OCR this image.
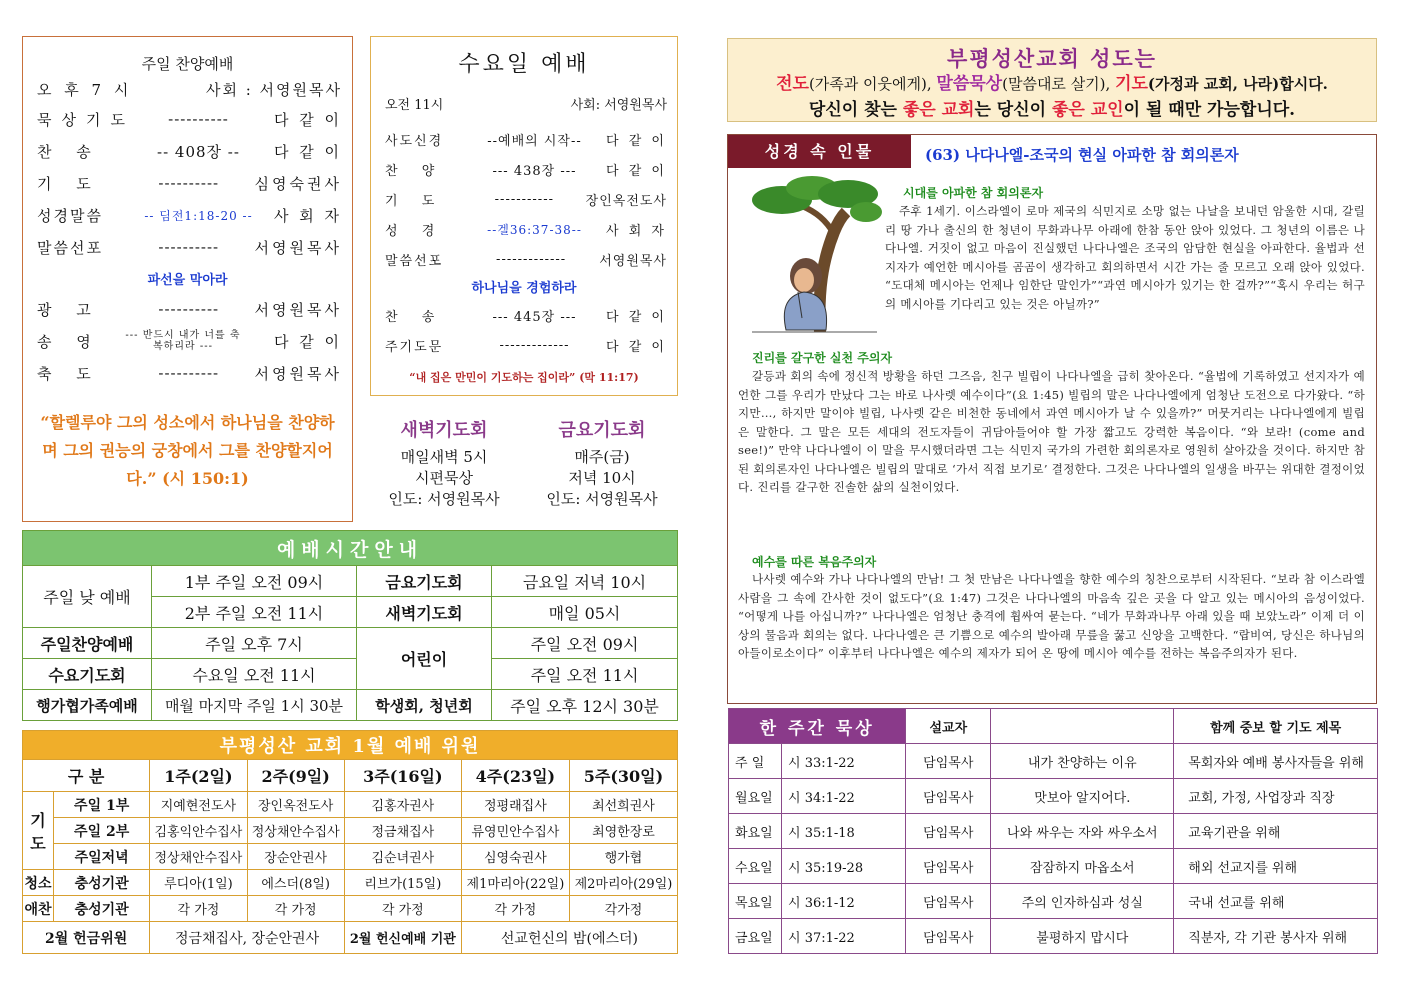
주일 찬양예배
오 후 7 시	사회 : 서영원목사
묵상기도	----------	다 같 이
찬 송	-- 408장 --	다 같 이
기 도	----------	심영숙권사
성경말씀	-- 딤전1:18-20 --	사 회 자
말씀선포	----------	서영원목사
파선을 막아라
광 고	----------	서영원목사
송 영	--- 반드시 내가 너를 축복하리라 ---	다 같 이
축 도	----------	서영원목사
“할렐루야 그의 성소에서 하나님을 찬양하며 그의 권능의 궁창에서 그를 찬양할지어다.” (시 150:1)
수요일 예배
오전 11시	사회: 서영원목사
사도신경	--예배의 시작--	다 같 이
찬 양	--- 438장 ---	다 같 이
기 도	-----------	장인옥전도사
성 경	--겔36:37-38--	사 회 자
말씀선포	-------------	서영원목사
하나님을 경험하라
찬 송	--- 445장 ---	다 같 이
주기도문	-------------	다 같 이
“내 집은 만민이 기도하는 집이라” (막 11:17)
새벽기도회
매일새벽 5시
시편묵상
인도: 서영원목사
금요기도회
매주(금)
저녁 10시
인도: 서영원목사
예배시간안내			
주일 낮 예배	1부 주일 오전 09시	금요기도회	금요일 저녁 10시
	2부 주일 오전 11시	새벽기도회	매일 05시
주일찬양예배	주일 오후 7시	어린이	주일 오전 09시
수요기도회	수요일 오전 11시		주일 오전 11시
행가협가족예배	매월 마지막 주일 1시 30분	학생회, 청년회	주일 오후 12시 30분
부평성산 교회 1월 예배 위원						
구 분		1주(2일)	2주(9일)	3주(16일)	4주(23일)	5주(30일)
기도	주일 1부	지예현전도사	장인옥전도사	김홍자권사	정평래집사	최선희권사
	주일 2부	김홍익안수집사	정상채안수집사	정금채집사	류영민안수집사	최영한장로
	주일저녁	정상채안수집사	장순안권사	김순녀권사	심영숙권사	행가협
청소	충성기관	루디아(1일)	에스더(8일)	리브가(15일)	제1마리아(22일)	제2마리아(29일)
애찬	충성기관	각 가정	각 가정	각 가정	각 가정	각가정
2월 헌금위원		정금채집사, 장순안권사		2월 헌신예배 기관	선교헌신의 밤(에스더)	
부평성산교회 성도는
전도(가족과 이웃에게), 말씀묵상(말씀대로 살기), 기도(가정과 교회, 나라)합시다.
당신이 찾는 좋은 교회는 당신이 좋은 교인이 될 때만 가능합니다.
성경 속 인물	(63) 나다나엘-조국의 현실 아파한 참 회의론자
시대를 아파한 참 회의론자
주후 1세기. 이스라엘이 로마 제국의 식민지로 소망 없는 나날을 보내던 암울한 시대, 갈릴리 땅 가나 출신의 한 청년이 무화과나무 아래에 한참 동안 앉아 있었다. 그 청년의 이름은 나다나엘. 거짓이 없고 마음이 진실했던 나다나엘은 조국의 암담한 현실을 아파한다. 율법과 선지자가 예언한 메시아를 곰곰이 생각하고 회의하면서 시간 가는 줄 모르고 오래 앉아 있었다. “도대체 메시아는 언제나 임한단 말인가”“과연 메시아가 있기는 한 걸까?”“혹시 우리는 허구의 메시아를 기다리고 있는 것은 아닐까?”
진리를 갈구한 실천 주의자
갈등과 회의 속에 정신적 방황을 하던 그즈음, 친구 빌립이 나다나엘을 급히 찾아온다. “율법에 기록하였고 선지자가 예언한 그를 우리가 만났다 그는 바로 나사렛 예수이다”(요 1:45) 빌립의 말은 나다나엘에게 엄청난 도전으로 다가왔다. “하지만…, 하지만 말이야 빌립, 나사렛 같은 비천한 동네에서 과연 메시아가 날 수 있을까?” 머뭇거리는 나다나엘에게 빌립은 말한다. 그 말은 모든 세대의 전도자들이 귀담아들어야 할 가장 짧고도 강력한 복음이다. “와 보라! (come and see!)” 만약 나다나엘이 이 말을 무시했더라면 그는 식민지 국가의 가련한 회의론자로 영원히 살아갔을 것이다. 하지만 참된 회의론자인 나다나엘은 빌립의 말대로 ‘가서 직접 보기로’ 결정한다. 그것은 나다나엘의 일생을 바꾸는 위대한 결정이었다. 진리를 갈구한 진솔한 삶의 실천이었다.
예수를 따른 복음주의자
나사렛 예수와 가나 나다나엘의 만남! 그 첫 만남은 나다나엘을 향한 예수의 칭찬으로부터 시작된다. “보라 참 이스라엘 사람을 그 속에 간사한 것이 없도다”(요 1:47) 그것은 나다나엘의 마음속 깊은 곳을 다 알고 있는 메시아의 음성이었다. “어떻게 나를 아십니까?” 나다나엘은 엄청난 충격에 휩싸여 묻는다. “네가 무화과나무 아래 있을 때 보았노라” 이제 더 이상의 물음과 회의는 없다. 나다나엘은 큰 기쁨으로 예수의 발아래 무릎을 꿇고 신앙을 고백한다. “랍비여, 당신은 하나님의 아들이로소이다” 이후부터 나다나엘은 예수의 제자가 되어 온 땅에 메시아 예수를 전하는 복음주의자가 된다.
한 주간 묵상		설교자		함께 중보 할 기도 제목
주 일	시 33:1-22	담임목사	내가 찬양하는 이유	목회자와 예배 봉사자들을 위해
월요일	시 34:1-22	담임목사	맛보아 알지어다.	교회, 가정, 사업장과 직장
화요일	시 35:1-18	담임목사	나와 싸우는 자와 싸우소서	교육기관을 위해
수요일	시 35:19-28	담임목사	잠잠하지 마옵소서	해외 선교지를 위해
목요일	시 36:1-12	담임목사	주의 인자하심과 성실	국내 선교를 위해
금요일	시 37:1-22	담임목사	불평하지 맙시다	직분자, 각 기관 봉사자 위해
